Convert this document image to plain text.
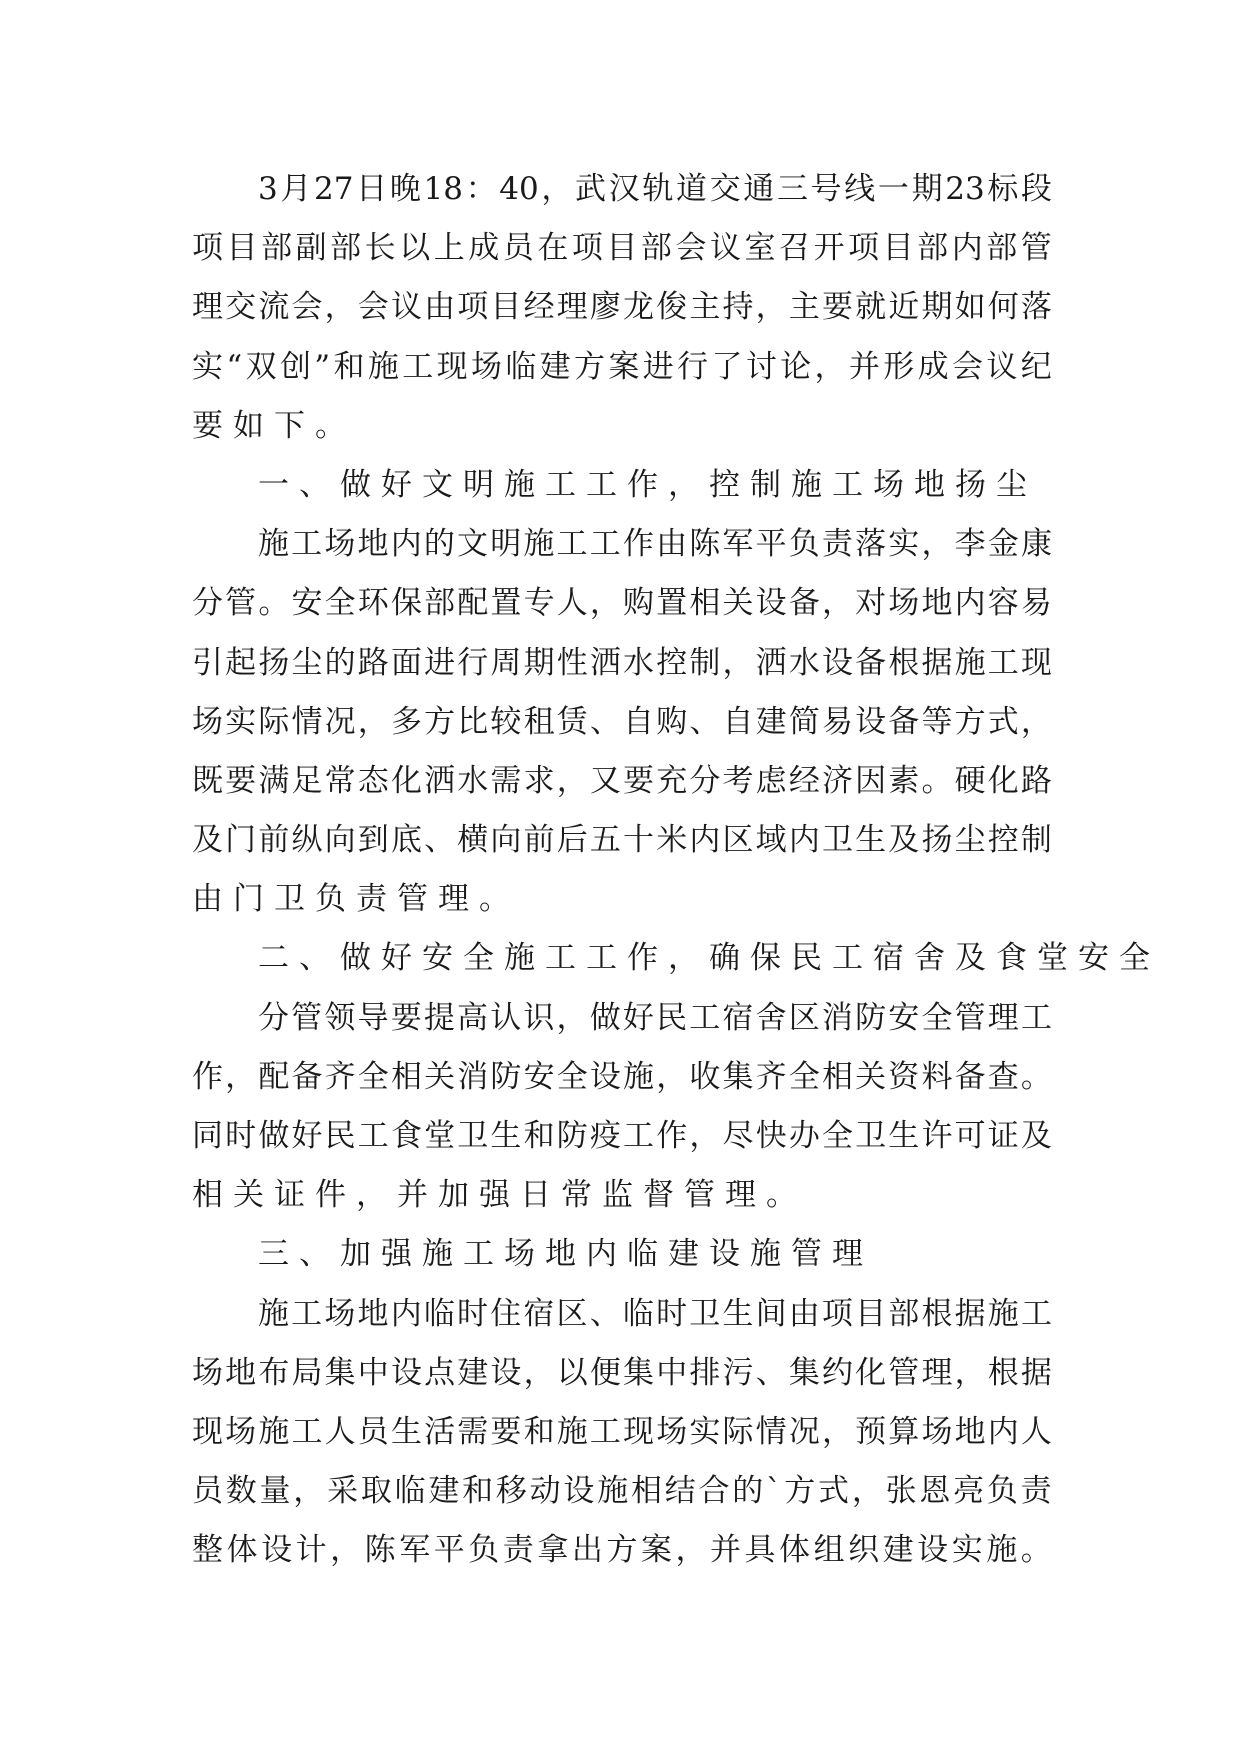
3 月 27 日 晚 18 ： 40 ， 武 汉 轨 道 交 通 三 号 线 一 期 23 标 段
项 目 部 副 部 长 以 上 成 员 在 项 目 部 会 议 室 召 开 项 目 部 内 部 管
理 交 流 会 ， 会 议 由 项 目 经 理 廖 龙 俊 主 持 ， 主 要 就 近 期 如 何 落
实 “ 双 创 ” 和 施 工 现 场 临 建 方 案 进 行 了 讨 论 ， 并 形 成 会 议 纪
要如下。
一、做好文明施工工作，控制施工场地扬尘
施 工 场 地 内 的 文 明 施 工 工 作 由 陈 军 平 负 责 落 实 ， 李 金 康
分 管 。 安 全 环 保 部 配 置 专 人 ， 购 置 相 关 设 备 ， 对 场 地 内 容 易
引 起 扬 尘 的 路 面 进 行 周 期 性 洒 水 控 制 ， 洒 水 设 备 根 据 施 工 现
场 实 际 情 况 ， 多 方 比 较 租 赁 、 自 购 、 自 建 简 易 设 备 等 方 式 ，
既 要 满 足 常 态 化 洒 水 需 求 ， 又 要 充 分 考 虑 经 济 因 素 。 硬 化 路
及 门 前 纵 向 到 底 、 横 向 前 后 五 十 米 内 区 域 内 卫 生 及 扬 尘 控 制
由门卫负责管理。
二、做好安全施工工作，确保民工宿舍及食堂安全
分 管 领 导 要 提 高 认 识 ， 做 好 民 工 宿 舍 区 消 防 安 全 管 理 工
作 ， 配 备 齐 全 相 关 消 防 安 全 设 施 ， 收 集 齐 全 相 关 资 料 备 查 。
同 时 做 好 民 工 食 堂 卫 生 和 防 疫 工 作 ， 尽 快 办 全 卫 生 许 可 证 及
相关证件，并加强日常监督管理。
三、加强施工场地内临建设施管理
施 工 场 地 内 临 时 住 宿 区 、 临 时 卫 生 间 由 项 目 部 根 据 施 工
场 地 布 局 集 中 设 点 建 设 ， 以 便 集 中 排 污 、 集 约 化 管 理 ， 根 据
现 场 施 工 人 员 生 活 需 要 和 施 工 现 场 实 际 情 况 ， 预 算 场 地 内 人
员 数 量 ， 采 取 临 建 和 移 动 设 施 相 结 合 的 ` 方 式 ， 张 恩 亮 负 责
整 体 设 计 ， 陈 军 平 负 责 拿 出 方 案 ， 并 具 体 组 织 建 设 实 施 。
